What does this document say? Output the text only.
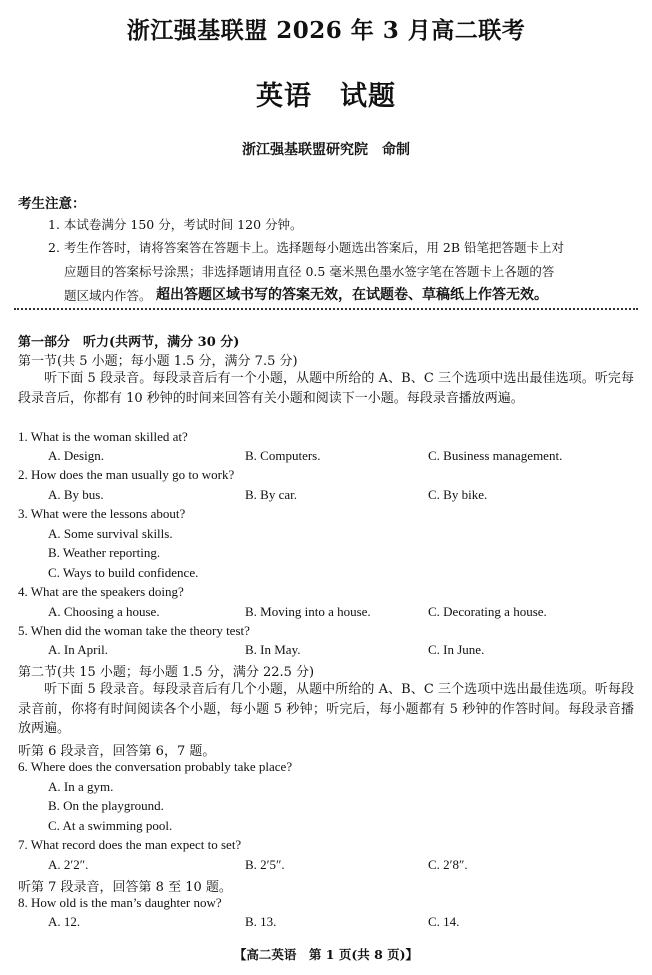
浙江强基联盟 2026 年 3 月高二联考
英语　试题
浙江强基联盟研究院　命制
考生注意：
1. 本试卷满分 150 分，考试时间 120 分钟。
2. 考生作答时，请将答案答在答题卡上。选择题每小题选出答案后，用 2B 铅笔把答题卡上对
应题目的答案标号涂黑；非选择题请用直径 0.5 毫米黑色墨水签字笔在答题卡上各题的答
题区域内作答。 超出答题区域书写的答案无效，在试题卷、草稿纸上作答无效。
第一部分　听力(共两节，满分 30 分)
第一节(共 5 小题；每小题 1.5 分，满分 7.5 分)
　　听下面 5 段录音。每段录音后有一个小题，从题中所给的 A、B、C 三个选项中选出最佳选项。听完每段录音后，你都有 10 秒钟的时间来回答有关小题和阅读下一小题。每段录音播放两遍。
1. What is the woman skilled at?
A. Design.	B. Computers.	C. Business management.
2. How does the man usually go to work?
A. By bus.	B. By car.	C. By bike.
3. What were the lessons about?
A. Some survival skills.
B. Weather reporting.
C. Ways to build confidence.
4. What are the speakers doing?
A. Choosing a house.	B. Moving into a house.	C. Decorating a house.
5. When did the woman take the theory test?
A. In April.	B. In May.	C. In June.
第二节(共 15 小题；每小题 1.5 分，满分 22.5 分)
　　听下面 5 段录音。每段录音后有几个小题，从题中所给的 A、B、C 三个选项中选出最佳选项。听每段录音前，你将有时间阅读各个小题，每小题 5 秒钟；听完后，每小题都有 5 秒钟的作答时间。每段录音播放两遍。
听第 6 段录音，回答第 6，7 题。
6. Where does the conversation probably take place?
A. In a gym.
B. On the playground.
C. At a swimming pool.
7. What record does the man expect to set?
A. 2′2″.	B. 2′5″.	C. 2′8″.
听第 7 段录音，回答第 8 至 10 题。
8. How old is the man’s daughter now?
A. 12.	B. 13.	C. 14.
【高二英语　第 1 页(共 8 页)】
